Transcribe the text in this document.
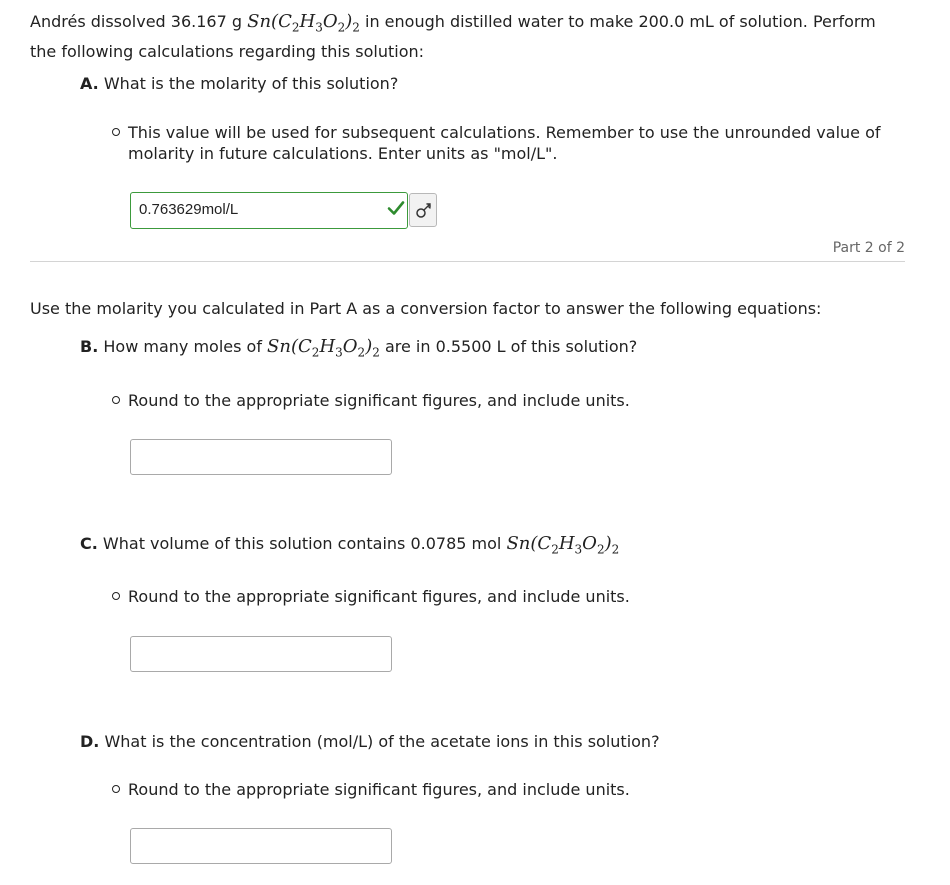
Andrés dissolved 36.167 g $Sn(C_2H_3O_2)_2$ in enough distilled water to make 200.0 mL of solution. Perform
the following calculations regarding this solution:
A. What is the molarity of this solution?
This value will be used for subsequent calculations. Remember to use the unrounded value of
molarity in future calculations. Enter units as "mol/L".
0.763629mol/L
Part 2 of 2
Use the molarity you calculated in Part A as a conversion factor to answer the following equations:
B. How many moles of $Sn(C_2H_3O_2)_2$ are in 0.5500 L of this solution?
Round to the appropriate significant figures, and include units.
C. What volume of this solution contains 0.0785 mol $Sn(C_2H_3O_2)_2$
Round to the appropriate significant figures, and include units.
D. What is the concentration (mol/L) of the acetate ions in this solution?
Round to the appropriate significant figures, and include units.
